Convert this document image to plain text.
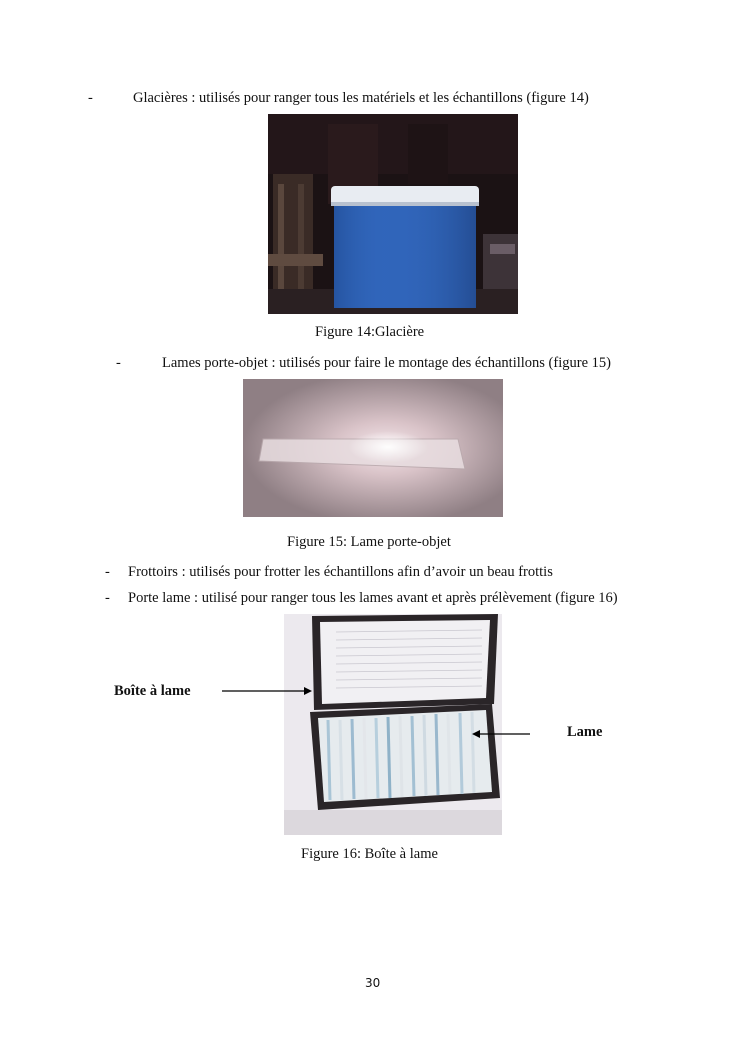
-	Glacières : utilisés pour ranger tous les matériels et les échantillons (figure 14)
Figure 14:Glacière
-	Lames porte-objet : utilisés pour faire le montage des échantillons (figure 15)
Figure 15: Lame porte-objet
- Frottoirs : utilisés pour frotter les échantillons afin d’avoir un beau frottis
- Porte lame : utilisé pour ranger tous les lames avant et après prélèvement (figure 16)
Boîte à lame
Lame
Figure 16: Boîte à lame
30
